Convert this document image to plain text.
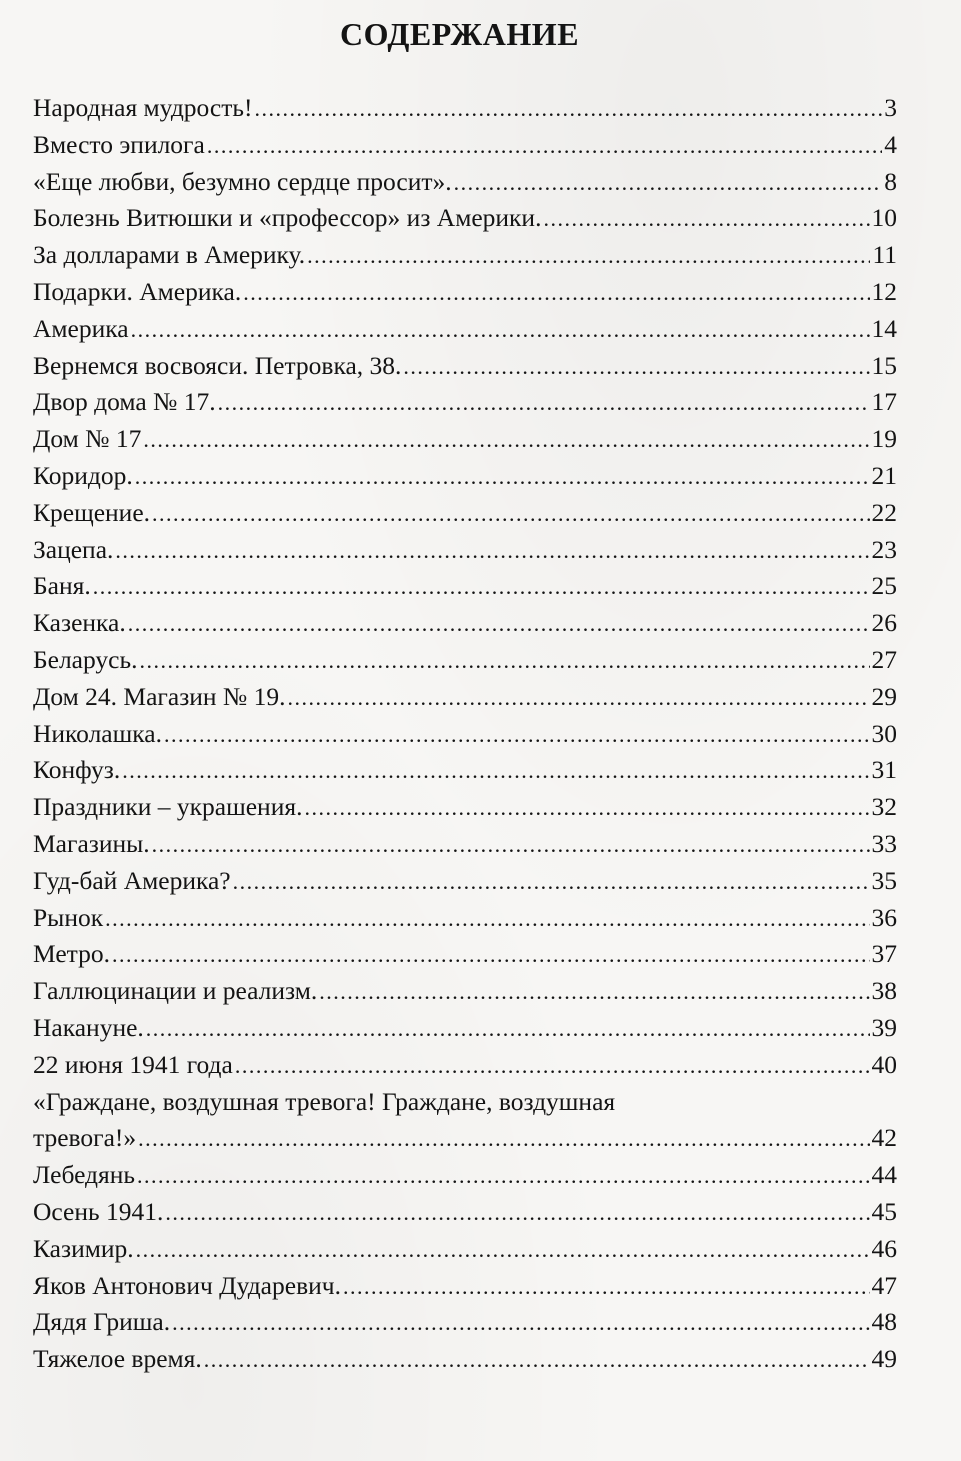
СОДЕРЖАНИЕ
Народная мудрость! .....	3
Вместо эпилога .....	4
«Еще любви, безумно сердце просит». .....	8
Болезнь Витюшки и «профессор» из Америки. .....	10
За долларами в Америку. .....	11
Подарки. Америка. .....	12
Америка .....	14
Вернемся восвояси. Петровка, 38. .....	15
Двор дома № 17. .....	17
Дом № 17 .....	19
Коридор. .....	21
Крещение. .....	22
Зацепа. .....	23
Баня. .....	25
Казенка. .....	26
Беларусь. .....	27
Дом 24. Магазин № 19. .....	29
Николашка. .....	30
Конфуз. .....	31
Праздники – украшения. .....	32
Магазины. .....	33
Гуд-бай Америка? .....	35
Рынок .....	36
Метро. .....	37
Галлюцинации и реализм. .....	38
Накануне. .....	39
22 июня 1941 года .....	40
«Граждане, воздушная тревога! Граждане, воздушная
тревога!» .....	42
Лебедянь .....	44
Осень 1941. .....	45
Казимир. .....	46
Яков Антонович Дударевич. .....	47
Дядя Гриша. .....	48
Тяжелое время. .....	49
